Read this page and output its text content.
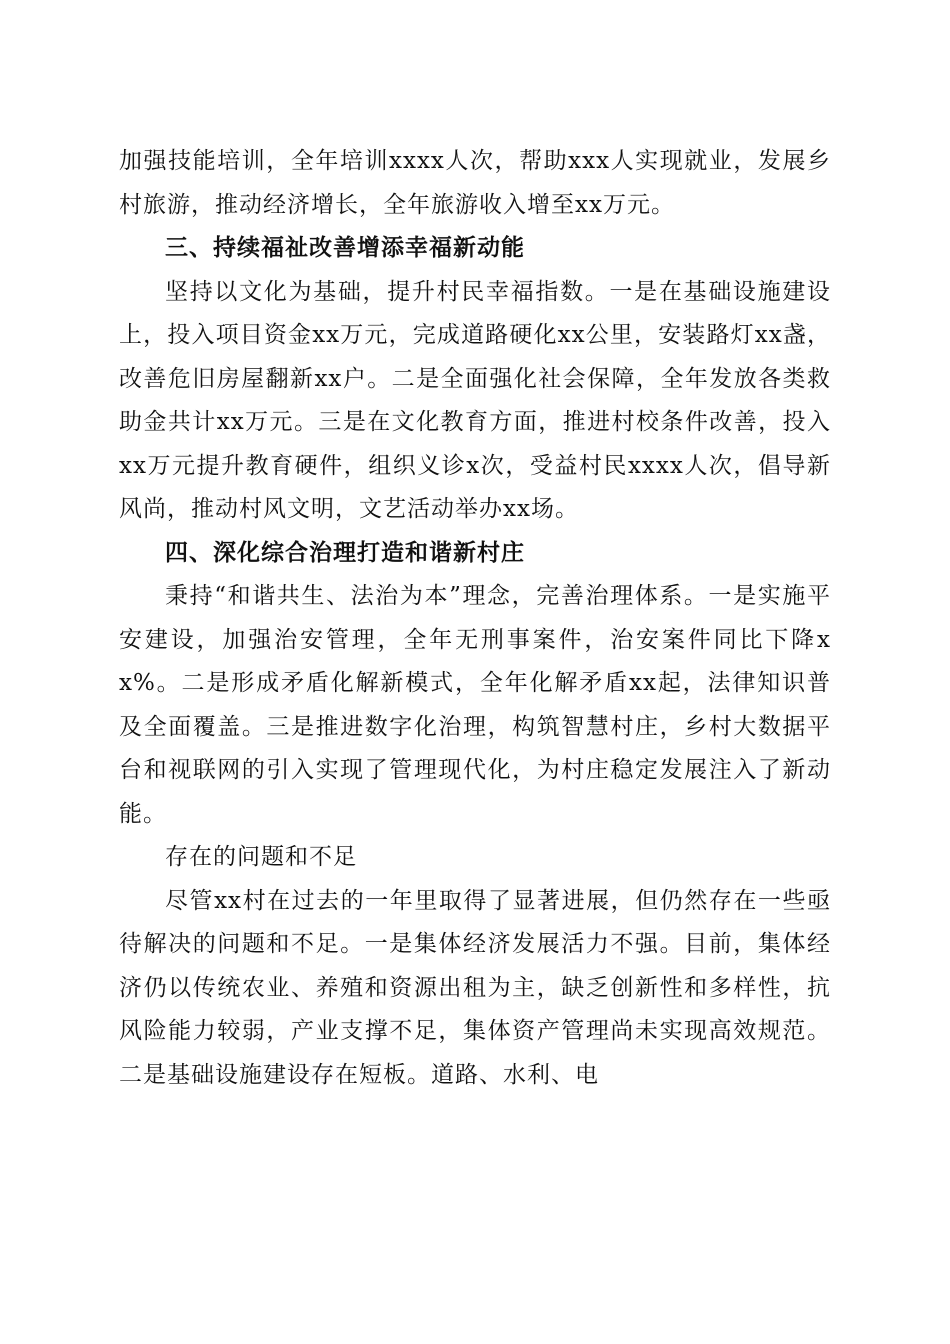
加强技能培训，全年培训xxxx人次，帮助xxx人实现就业，发展乡村旅游，推动经济增长，全年旅游收入增至xx万元。

三、持续福祉改善增添幸福新动能

坚持以文化为基础，提升村民幸福指数。一是在基础设施建设上，投入项目资金xx万元，完成道路硬化xx公里，安装路灯xx盏，改善危旧房屋翻新xx户。二是全面强化社会保障，全年发放各类救助金共计xx万元。三是在文化教育方面，推进村校条件改善，投入xx万元提升教育硬件，组织义诊x次，受益村民xxxx人次，倡导新风尚，推动村风文明，文艺活动举办xx场。

四、深化综合治理打造和谐新村庄

秉持“和谐共生、法治为本”理念，完善治理体系。一是实施平安建设，加强治安管理，全年无刑事案件，治安案件同比下降xx%。二是形成矛盾化解新模式，全年化解矛盾xx起，法律知识普及全面覆盖。三是推进数字化治理，构筑智慧村庄，乡村大数据平台和视联网的引入实现了管理现代化，为村庄稳定发展注入了新动能。

存在的问题和不足

尽管xx村在过去的一年里取得了显著进展，但仍然存在一些亟待解决的问题和不足。一是集体经济发展活力不强。目前，集体经济仍以传统农业、养殖和资源出租为主，缺乏创新性和多样性，抗风险能力较弱，产业支撑不足，集体资产管理尚未实现高效规范。二是基础设施建设存在短板。道路、水利、电
